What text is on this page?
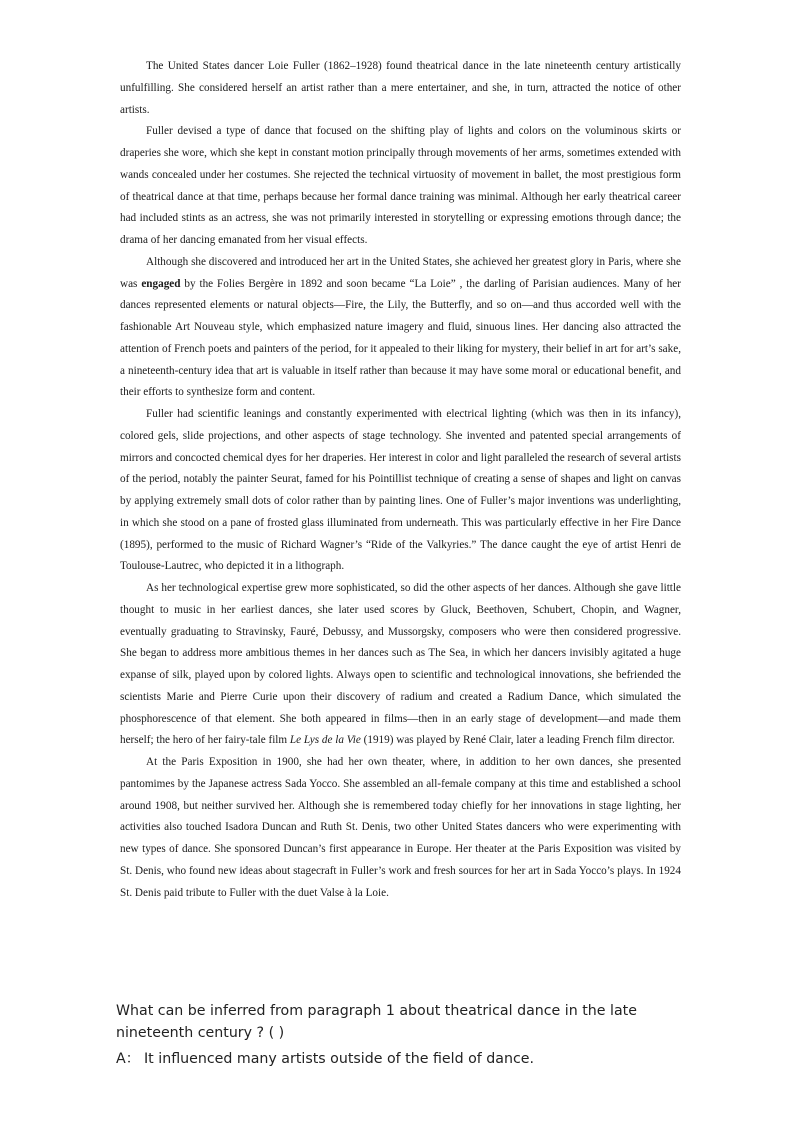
The United States dancer Loie Fuller (1862–1928) found theatrical dance in the late nineteenth century artistically unfulfilling. She considered herself an artist rather than a mere entertainer, and she, in turn, attracted the notice of other artists.

Fuller devised a type of dance that focused on the shifting play of lights and colors on the voluminous skirts or draperies she wore, which she kept in constant motion principally through movements of her arms, sometimes extended with wands concealed under her costumes. She rejected the technical virtuosity of movement in ballet, the most prestigious form of theatrical dance at that time, perhaps because her formal dance training was minimal. Although her early theatrical career had included stints as an actress, she was not primarily interested in storytelling or expressing emotions through dance; the drama of her dancing emanated from her visual effects.

Although she discovered and introduced her art in the United States, she achieved her greatest glory in Paris, where she was engaged by the Folies Bergère in 1892 and soon became “La Loie” , the darling of Parisian audiences. Many of her dances represented elements or natural objects—Fire, the Lily, the Butterfly, and so on—and thus accorded well with the fashionable Art Nouveau style, which emphasized nature imagery and fluid, sinuous lines. Her dancing also attracted the attention of French poets and painters of the period, for it appealed to their liking for mystery, their belief in art for art’s sake, a nineteenth-century idea that art is valuable in itself rather than because it may have some moral or educational benefit, and their efforts to synthesize form and content.

Fuller had scientific leanings and constantly experimented with electrical lighting (which was then in its infancy), colored gels, slide projections, and other aspects of stage technology. She invented and patented special arrangements of mirrors and concocted chemical dyes for her draperies. Her interest in color and light paralleled the research of several artists of the period, notably the painter Seurat, famed for his Pointillist technique of creating a sense of shapes and light on canvas by applying extremely small dots of color rather than by painting lines. One of Fuller’s major inventions was underlighting, in which she stood on a pane of frosted glass illuminated from underneath. This was particularly effective in her Fire Dance (1895), performed to the music of Richard Wagner’s “Ride of the Valkyries.” The dance caught the eye of artist Henri de Toulouse-Lautrec, who depicted it in a lithograph.

As her technological expertise grew more sophisticated, so did the other aspects of her dances. Although she gave little thought to music in her earliest dances, she later used scores by Gluck, Beethoven, Schubert, Chopin, and Wagner, eventually graduating to Stravinsky, Fauré, Debussy, and Mussorgsky, composers who were then considered progressive. She began to address more ambitious themes in her dances such as The Sea, in which her dancers invisibly agitated a huge expanse of silk, played upon by colored lights. Always open to scientific and technological innovations, she befriended the scientists Marie and Pierre Curie upon their discovery of radium and created a Radium Dance, which simulated the phosphorescence of that element. She both appeared in films—then in an early stage of development—and made them herself; the hero of her fairy-tale film Le Lys de la Vie (1919) was played by René Clair, later a leading French film director.

At the Paris Exposition in 1900, she had her own theater, where, in addition to her own dances, she presented pantomimes by the Japanese actress Sada Yocco. She assembled an all-female company at this time and established a school around 1908, but neither survived her. Although she is remembered today chiefly for her innovations in stage lighting, her activities also touched Isadora Duncan and Ruth St. Denis, two other United States dancers who were experimenting with new types of dance. She sponsored Duncan’s first appearance in Europe. Her theater at the Paris Exposition was visited by St. Denis, who found new ideas about stagecraft in Fuller’s work and fresh sources for her art in Sada Yocco’s plays. In 1924 St. Denis paid tribute to Fuller with the duet Valse à la Loie.

What can be inferred from paragraph 1 about theatrical dance in the late nineteenth century ? ( )

A： It influenced many artists outside of the field of dance.
